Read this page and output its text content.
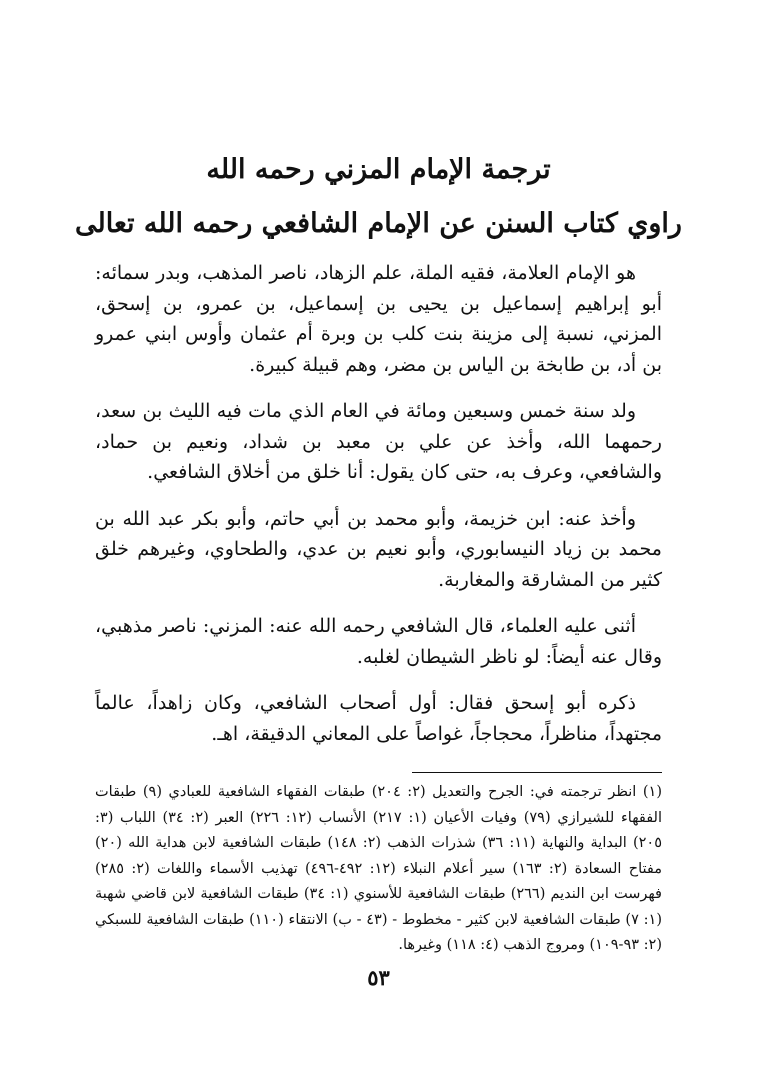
ترجمة الإمام المزني رحمه الله
راوي كتاب السنن عن الإمام الشافعي رحمه الله تعالى

هو الإمام العلامة، فقيه الملة، علم الزهاد، ناصر المذهب، وبدر سمائه: أبو إبراهيم إسماعيل بن يحيى بن إسماعيل، بن عمرو، بن إسحق، المزني، نسبة إلى مزينة بنت كلب بن وبرة أم عثمان وأوس ابني عمرو بن أد، بن طابخة بن الياس بن مضر، وهم قبيلة كبيرة.

ولد سنة خمس وسبعين ومائة في العام الذي مات فيه الليث بن سعد، رحمهما الله، وأخذ عن علي بن معبد بن شداد، ونعيم بن حماد، والشافعي، وعرف به، حتى كان يقول: أنا خلق من أخلاق الشافعي.

وأخذ عنه: ابن خزيمة، وأبو محمد بن أبي حاتم، وأبو بكر عبد الله بن محمد بن زياد النيسابوري، وأبو نعيم بن عدي، والطحاوي، وغيرهم خلق كثير من المشارقة والمغاربة.

أثنى عليه العلماء، قال الشافعي رحمه الله عنه: المزني: ناصر مذهبي، وقال عنه أيضاً: لو ناظر الشيطان لغلبه.

ذكره أبو إسحق فقال: أول أصحاب الشافعي، وكان زاهداً، عالماً مجتهداً، مناظراً، محجاجاً، غواصاً على المعاني الدقيقة، اهـ.

(١) انظر ترجمته في: الجرح والتعديل (٢: ٢٠٤) طبقات الفقهاء الشافعية للعبادي (٩) طبقات الفقهاء للشيرازي (٧٩) وفيات الأعيان (١: ٢١٧) الأنساب (١٢: ٢٢٦) العبر (٢: ٣٤) اللباب (٣: ٢٠٥) البداية والنهاية (١١: ٣٦) شذرات الذهب (٢: ١٤٨) طبقات الشافعية لابن هداية الله (٢٠) مفتاح السعادة (٢: ١٦٣) سير أعلام النبلاء (١٢: ٤٩٢-٤٩٦) تهذيب الأسماء واللغات (٢: ٢٨٥) فهرست ابن النديم (٢٦٦) طبقات الشافعية للأسنوي (١: ٣٤) طبقات الشافعية لابن قاضي شهبة (١: ٧) طبقات الشافعية لابن كثير - مخطوط - (٤٣ - ب) الانتقاء (١١٠) طبقات الشافعية للسبكي (٢: ٩٣-١٠٩) ومروج الذهب (٤: ١١٨) وغيرها.
٥٣
